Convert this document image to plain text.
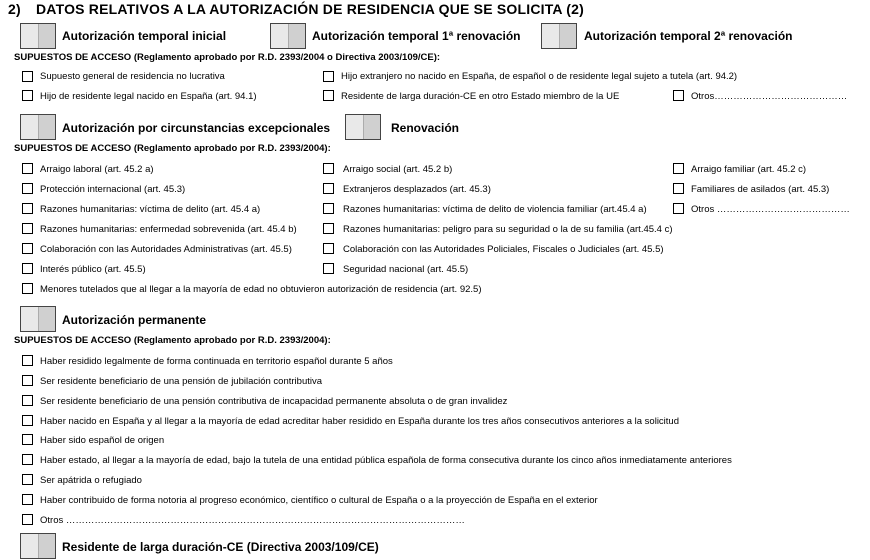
2) DATOS RELATIVOS A LA AUTORIZACIÓN DE RESIDENCIA QUE SE SOLICITA (2)
Autorización temporal inicial	Autorización temporal 1ª renovación	Autorización temporal 2ª renovación
SUPUESTOS DE ACCESO (Reglamento aprobado por R.D. 2393/2004 o Directiva 2003/109/CE):
Supuesto general de residencia no lucrativa	Hijo extranjero no nacido en España, de español o de residente legal sujeto a tutela (art. 94.2)
Hijo de residente legal nacido en España (art. 94.1)	Residente de larga duración-CE en otro Estado miembro de la UE	Otros……………………………………
Autorización por circunstancias excepcionales	Renovación
SUPUESTOS DE ACCESO (Reglamento aprobado por R.D. 2393/2004):
Arraigo laboral (art. 45.2 a)	Arraigo social (art. 45.2 b)	Arraigo familiar (art. 45.2 c)
Protección internacional (art. 45.3)	Extranjeros desplazados (art. 45.3)	Familiares de asilados (art. 45.3)
Razones humanitarias: víctima de delito (art. 45.4 a)	Razones humanitarias: víctima de delito de violencia familiar (art.45.4 a)	Otros ……………………………………
Razones humanitarias: enfermedad sobrevenida (art. 45.4 b)	Razones humanitarias: peligro para su seguridad o la de su familia (art.45.4 c)
Colaboración con las Autoridades Administrativas (art. 45.5)	Colaboración con las Autoridades Policiales, Fiscales o Judiciales (art. 45.5)
Interés público (art. 45.5)	Seguridad nacional (art. 45.5)
Menores tutelados que al llegar a la mayoría de edad no obtuvieron autorización de residencia (art. 92.5)
Autorización permanente
SUPUESTOS DE ACCESO (Reglamento aprobado por R.D. 2393/2004):
Haber residido legalmente de forma continuada en territorio español durante 5 años
Ser residente beneficiario de una pensión de jubilación contributiva
Ser residente beneficiario de una pensión contributiva de incapacidad permanente absoluta o de gran invalidez
Haber nacido en España y al llegar a la mayoría de edad acreditar haber residido en España durante los tres años consecutivos anteriores a la solicitud
Haber sido español de origen
Haber estado, al llegar a la mayoría de edad, bajo la tutela de una entidad pública española de forma consecutiva durante los cinco años inmediatamente anteriores
Ser apátrida o refugiado
Haber contribuido de forma notoria al progreso económico, científico o cultural de España o a la proyección de España en el exterior
Otros ………………………………………………………………………………………………………………
Residente de larga duración-CE (Directiva 2003/109/CE)
